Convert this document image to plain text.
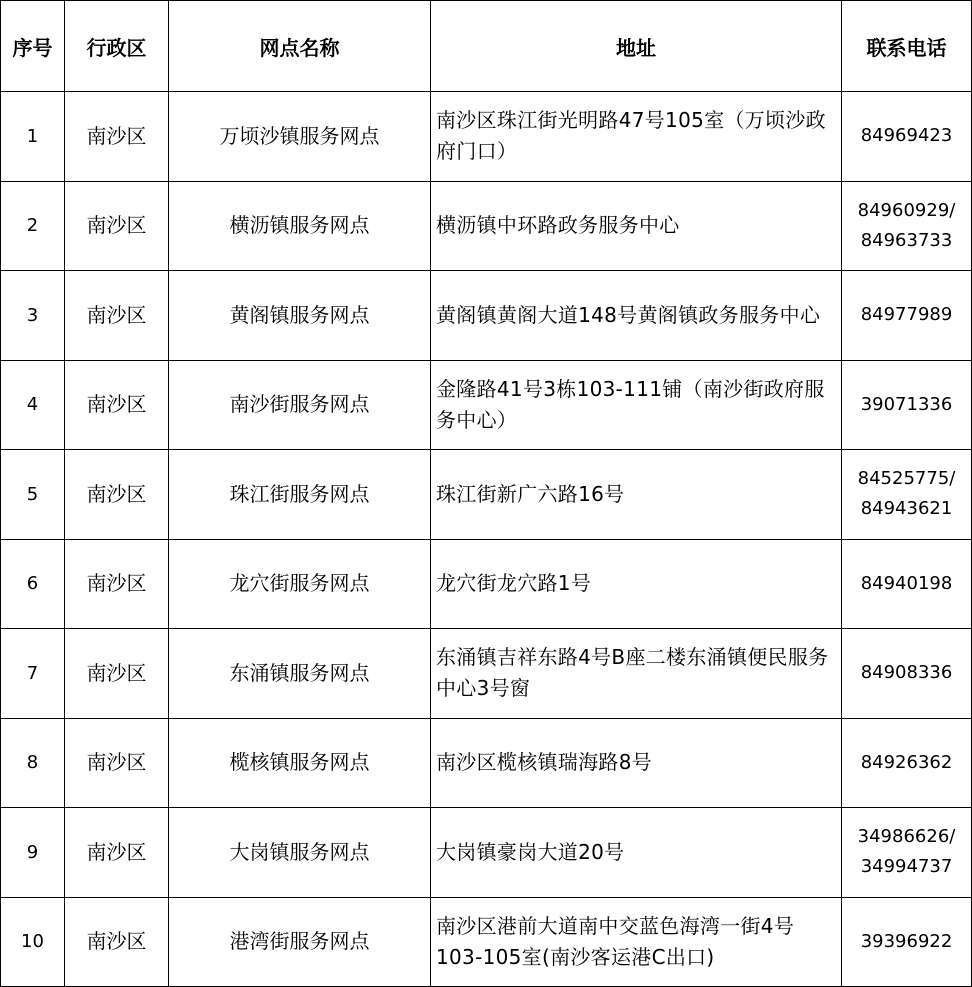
序号	行政区	网点名称	地址	联系电话
1	南沙区	万顷沙镇服务网点	南沙区珠江街光明路47号105室（万顷沙政府门口）	84969423

2	南沙区	横沥镇服务网点	横沥镇中环路政务服务中心	84960929/
84963733

3	南沙区	黄阁镇服务网点	黄阁镇黄阁大道148号黄阁镇政务服务中心	84977989

4	南沙区	南沙街服务网点	金隆路41号3栋103-111铺（南沙街政府服务中心）	39071336

5	南沙区	珠江街服务网点	珠江街新广六路16号	84525775/
84943621

6	南沙区	龙穴街服务网点	龙穴街龙穴路1号	84940198

7	南沙区	东涌镇服务网点	东涌镇吉祥东路4号B座二楼东涌镇便民服务中心3号窗	84908336

8	南沙区	榄核镇服务网点	南沙区榄核镇瑞海路8号	84926362

9	南沙区	大岗镇服务网点	大岗镇豪岗大道20号	34986626/
34994737

10	南沙区	港湾街服务网点	南沙区港前大道南中交蓝色海湾一街4号103-105室(南沙客运港C出口)	39396922
